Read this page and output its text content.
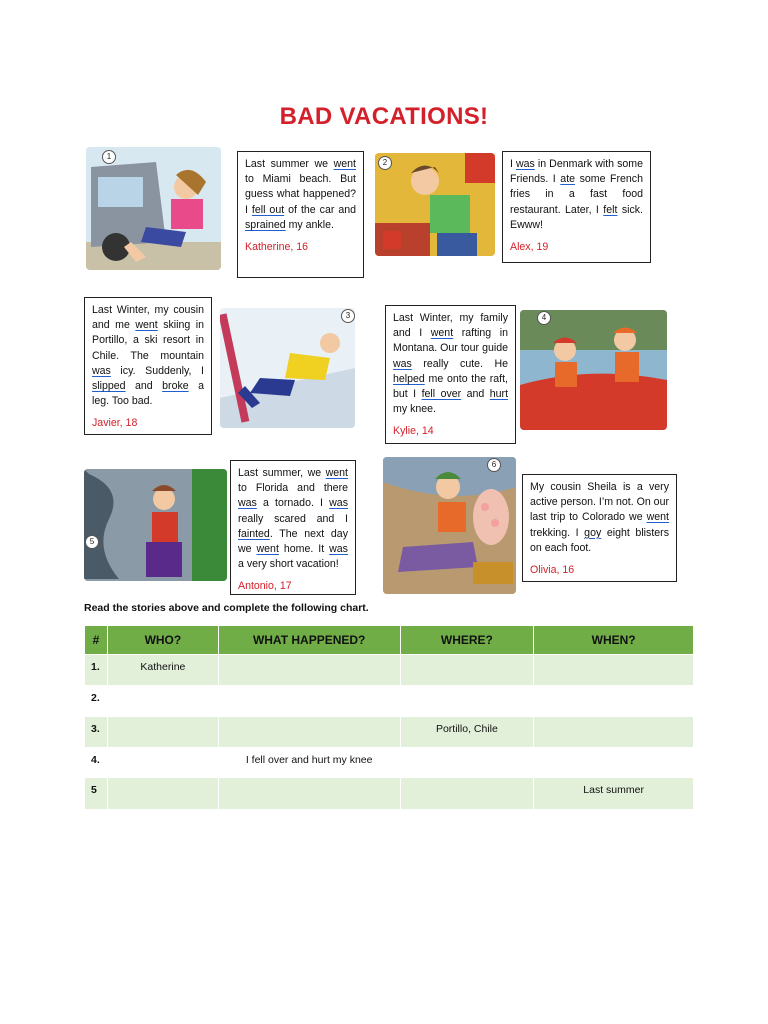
BAD VACATIONS!
1
2
3	4
5
6

Last summer we went to Miami beach. But guess what happened? I fell out of the car and sprained my ankle.

Katherine, 16

I was in Denmark with some Friends. I ate some French fries in a fast food restaurant. Later, I felt sick. Ewww!

Alex, 19

Last Winter, my cousin and me went skiing in Portillo, a ski resort in Chile. The mountain was icy. Suddenly, I slipped and broke a leg. Too bad.

Javier, 18

Last Winter, my family and I went rafting in Montana. Our tour guide was really cute. He helped me onto the raft, but I fell over and hurt my knee.

Kylie, 14

Last summer, we went to Florida and there was a tornado. I was really scared and I fainted. The next day we went home. It was a very short vacation!

Antonio, 17

My cousin Sheila is a very active person. I’m not. On our last trip to Colorado we went trekking. I goy eight blisters on each foot.

Olivia, 16

Read the stories above and complete the following chart.
#	WHO?	WHAT HAPPENED?	WHERE?	WHEN?
1.	Katherine			
2.				
3.			Portillo, Chile	
4.		I fell over and hurt my knee		
5				Last summer
